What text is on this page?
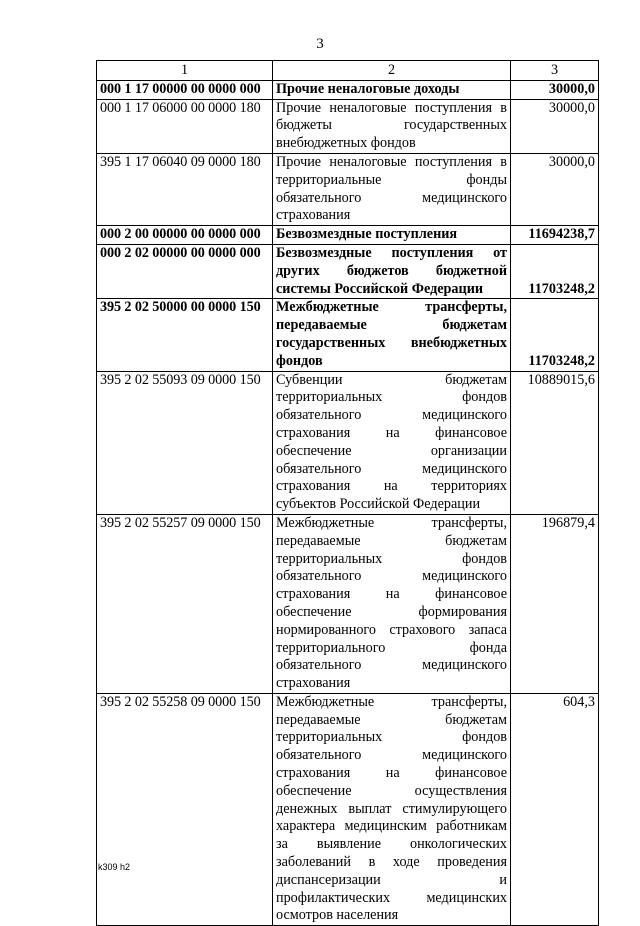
3
1	2	3
000 1 17 00000 00 0000 000	Прочие неналоговые доходы	30000,0
000 1 17 06000 00 0000 180	Прочие неналоговые поступления в бюджеты государственных внебюджетных фондов	30000,0
395 1 17 06040 09 0000 180	Прочие неналоговые поступления в территориальные фонды обязательного медицинского страхования	30000,0
000 2 00 00000 00 0000 000	Безвозмездные поступления	11694238,7
000 2 02 00000 00 0000 000	Безвозмездные поступления от других бюджетов бюджетной системы Российской Федерации	11703248,2
395 2 02 50000 00 0000 150	Межбюджетные трансферты, передаваемые бюджетам государственных внебюджетных фондов	11703248,2
395 2 02 55093 09 0000 150	Субвенции бюджетам территориальных фондов обязательного медицинского страхования на финансовое обеспечение организации обязательного медицинского страхования на территориях субъектов Российской Федерации	10889015,6
395 2 02 55257 09 0000 150	Межбюджетные трансферты, передаваемые бюджетам территориальных фондов обязательного медицинского страхования на финансовое обеспечение формирования нормированного страхового запаса территориального фонда обязательного медицинского страхования	196879,4
395 2 02 55258 09 0000 150	Межбюджетные трансферты, передаваемые бюджетам территориальных фондов обязательного медицинского страхования на финансовое обеспечение осуществления денежных выплат стимулирующего характера медицинским работникам за выявление онкологических заболеваний в ходе проведения диспансеризации и профилактических медицинских осмотров населения	604,3
k309 h2
